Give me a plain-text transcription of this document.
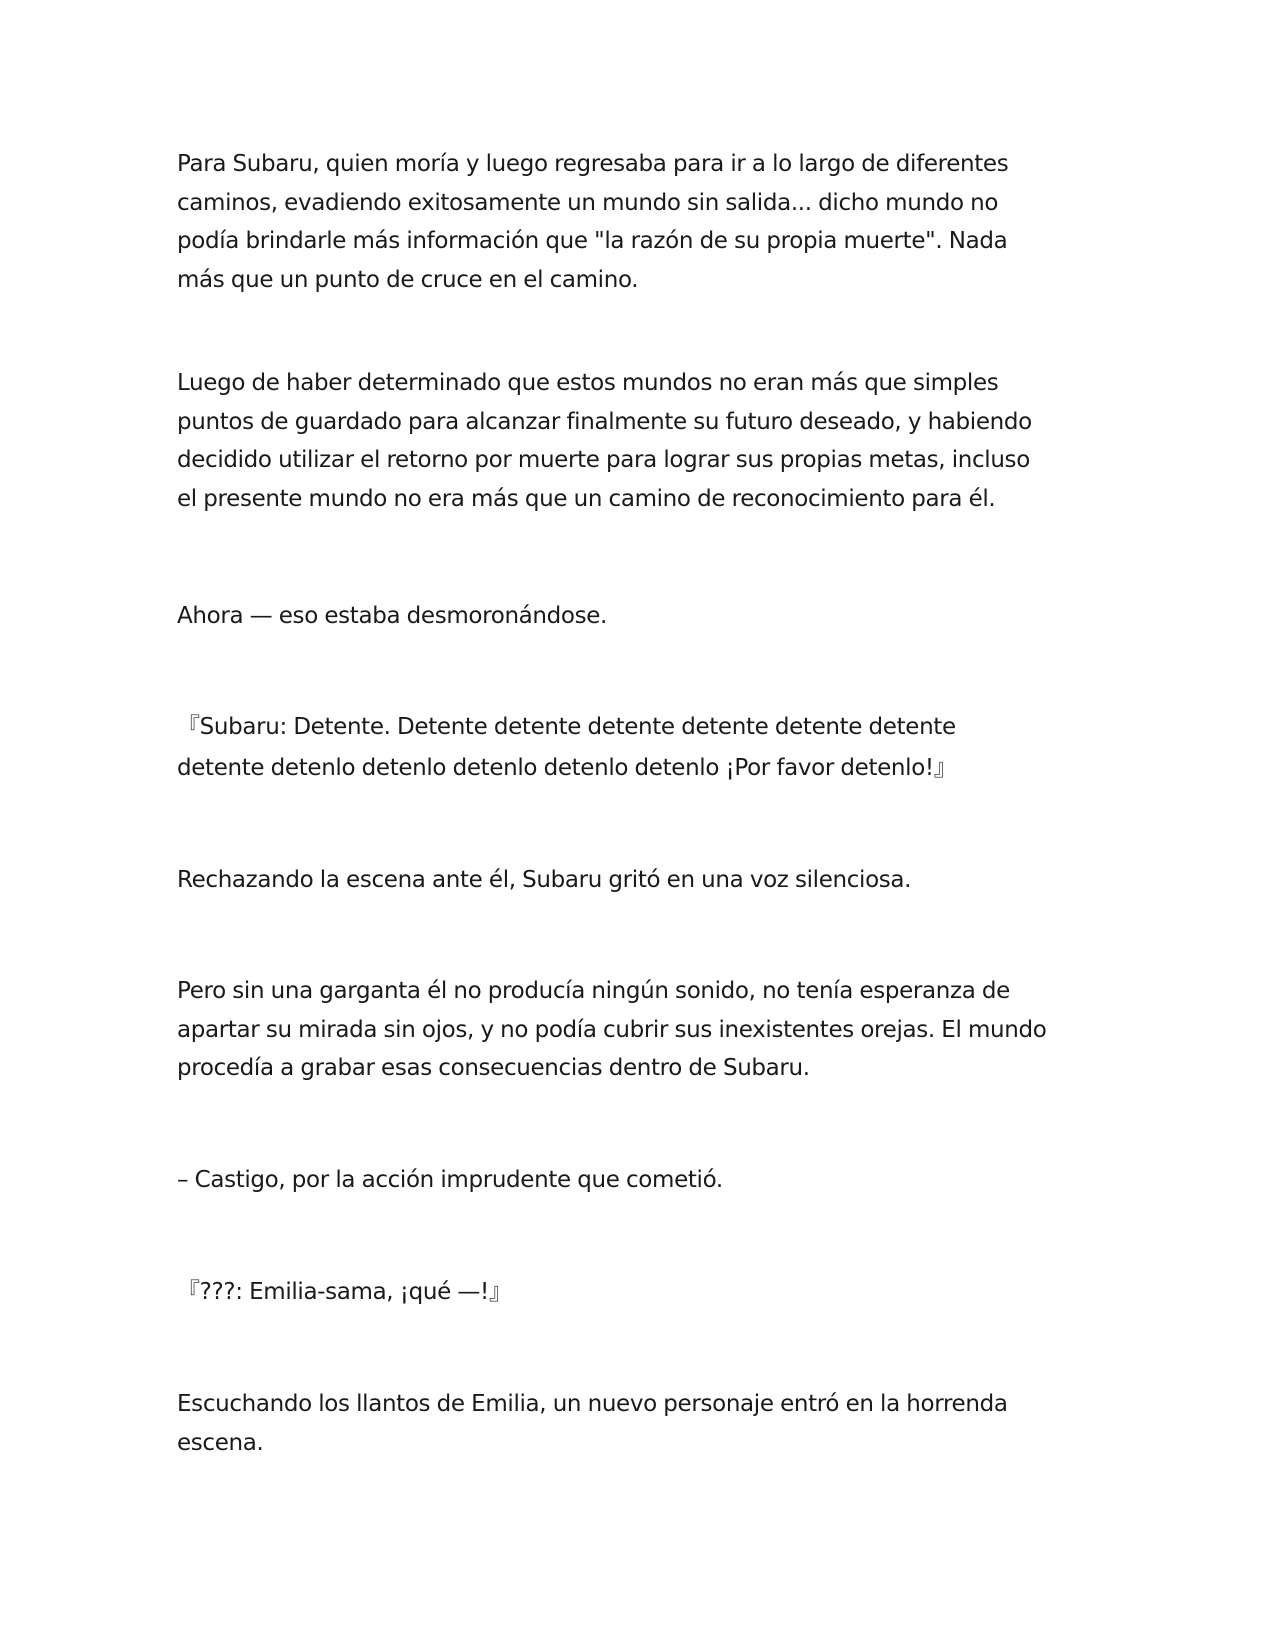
Para Subaru, quien moría y luego regresaba para ir a lo largo de diferentes
caminos, evadiendo exitosamente un mundo sin salida... dicho mundo no
podía brindarle más información que "la razón de su propia muerte". Nada
más que un punto de cruce en el camino.

Luego de haber determinado que estos mundos no eran más que simples
puntos de guardado para alcanzar finalmente su futuro deseado, y habiendo
decidido utilizar el retorno por muerte para lograr sus propias metas, incluso
el presente mundo no era más que un camino de reconocimiento para él.

Ahora — eso estaba desmoronándose.

『Subaru: Detente. Detente detente detente detente detente detente
detente detenlo detenlo detenlo detenlo detenlo ¡Por favor detenlo!』

Rechazando la escena ante él, Subaru gritó en una voz silenciosa.

Pero sin una garganta él no producía ningún sonido, no tenía esperanza de
apartar su mirada sin ojos, y no podía cubrir sus inexistentes orejas. El mundo
procedía a grabar esas consecuencias dentro de Subaru.

– Castigo, por la acción imprudente que cometió.

『???: Emilia-sama, ¡qué —!』

Escuchando los llantos de Emilia, un nuevo personaje entró en la horrenda
escena.
